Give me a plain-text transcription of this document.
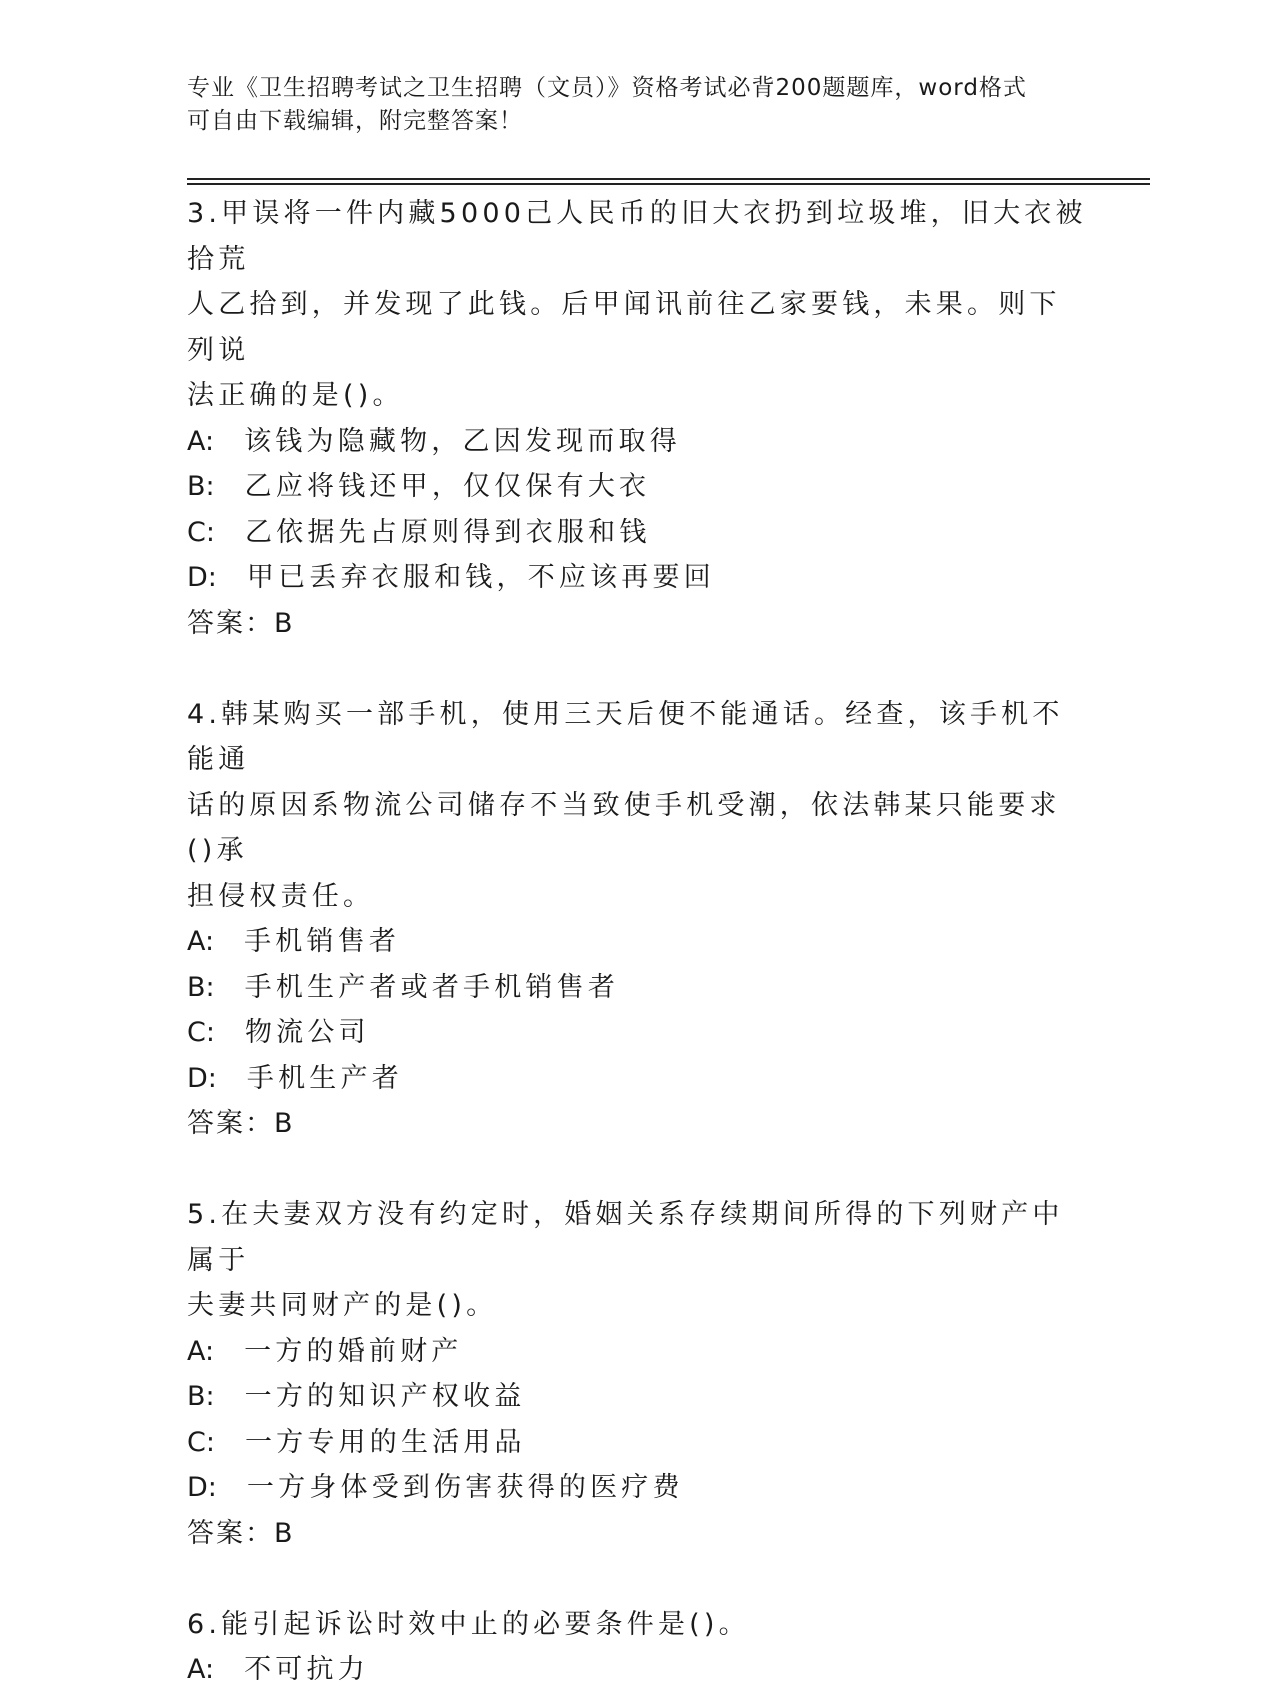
专业《卫生招聘考试之卫生招聘（文员）》资格考试必背200题题库，word格式
可自由下载编辑，附完整答案！
3.甲误将一件内藏5000己人民币的旧大衣扔到垃圾堆，旧大衣被拾荒
人乙拾到，并发现了此钱。后甲闻讯前往乙家要钱，未果。则下列说
法正确的是()。
A: 该钱为隐藏物，乙因发现而取得
B: 乙应将钱还甲，仅仅保有大衣
C: 乙依据先占原则得到衣服和钱
D: 甲已丢弃衣服和钱，不应该再要回
答案：B
4.韩某购买一部手机，使用三天后便不能通话。经查，该手机不能通
话的原因系物流公司储存不当致使手机受潮，依法韩某只能要求()承
担侵权责任。
A: 手机销售者
B: 手机生产者或者手机销售者
C: 物流公司
D: 手机生产者
答案：B
5.在夫妻双方没有约定时，婚姻关系存续期间所得的下列财产中属于
夫妻共同财产的是()。
A: 一方的婚前财产
B: 一方的知识产权收益
C: 一方专用的生活用品
D: 一方身体受到伤害获得的医疗费
答案：B
6.能引起诉讼时效中止的必要条件是()。
A: 不可抗力
